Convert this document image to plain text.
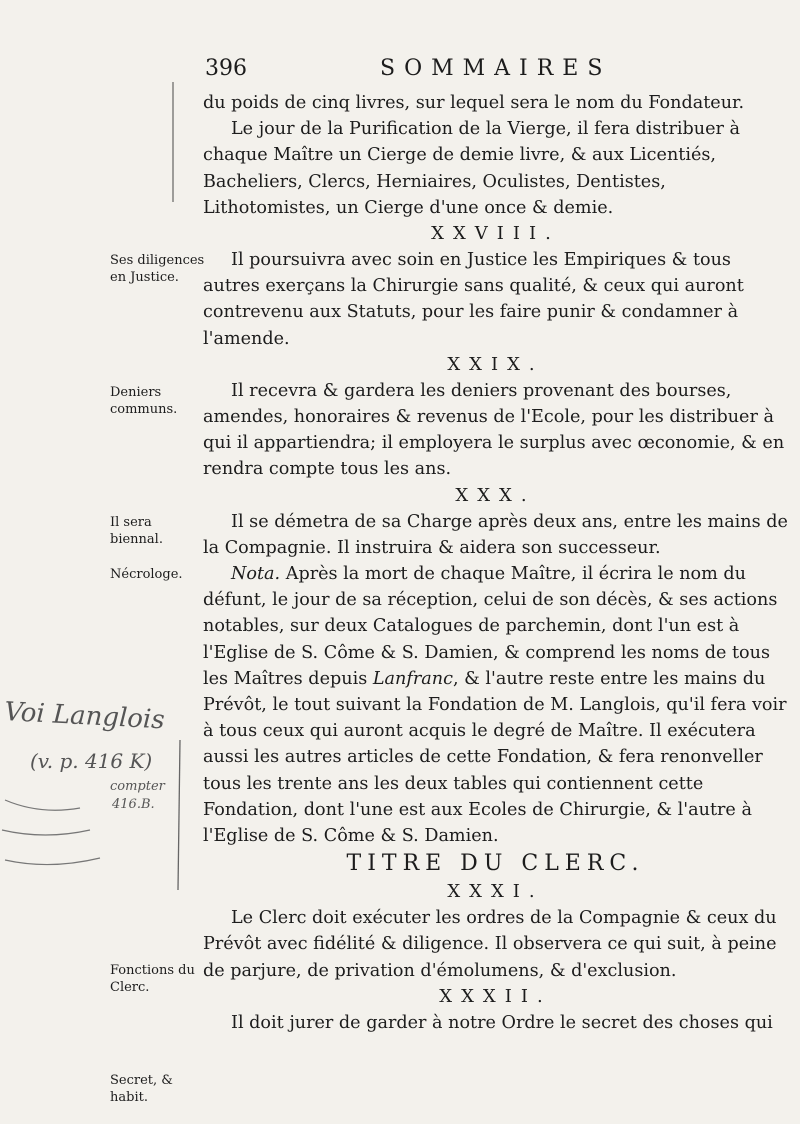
396	SOMMAIRES

du poids de cinq livres, sur lequel sera le nom du Fondateur.

Le jour de la Purification de la Vierge, il fera distribuer à chaque Maître un Cierge de demie livre, & aux Licentiés, Bacheliers, Clercs, Herniaires, Oculistes, Dentistes, Lithotomistes, un Cierge d'une once & demie.

XXVIII.

Il poursuivra avec soin en Justice les Empiriques & tous autres exerçans la Chirurgie sans qualité, & ceux qui auront contrevenu aux Statuts, pour les faire punir & condamner à l'amende.

XXIX.

Il recevra & gardera les deniers provenant des bourses, amendes, honoraires & revenus de l'Ecole, pour les distribuer à qui il appartiendra; il employera le surplus avec œconomie, & en rendra compte tous les ans.

XXX.

Il se démetra de sa Charge après deux ans, entre les mains de la Compagnie. Il instruira & aidera son successeur.

Nota. Après la mort de chaque Maître, il écrira le nom du défunt, le jour de sa réception, celui de son décès, & ses actions notables, sur deux Catalogues de parchemin, dont l'un est à l'Eglise de S. Côme & S. Damien, & comprend les noms de tous les Maîtres depuis Lanfranc, & l'autre reste entre les mains du Prévôt, le tout suivant la Fondation de M. Langlois, qu'il fera voir à tous ceux qui auront acquis le degré de Maître. Il exécutera aussi les autres articles de cette Fondation, & fera renonveller tous les trente ans les deux tables qui contiennent cette Fondation, dont l'une est aux Ecoles de Chirurgie, & l'autre à l'Eglise de S. Côme & S. Damien.

TITRE DU CLERC.

XXXI.

Le Clerc doit exécuter les ordres de la Compagnie & ceux du Prévôt avec fidélité & diligence. Il observera ce qui suit, à peine de parjure, de privation d'émolumens, & d'exclusion.

XXXII.

Il doit jurer de garder à notre Ordre le secret des choses qui

Ses diligences en Justice.
Deniers communs.
Il sera biennal.
Nécrologe.
Fonctions du Clerc.
Secret, & habit.
Voi Langlois
(v. p. 416 K)
compter
416.B.
